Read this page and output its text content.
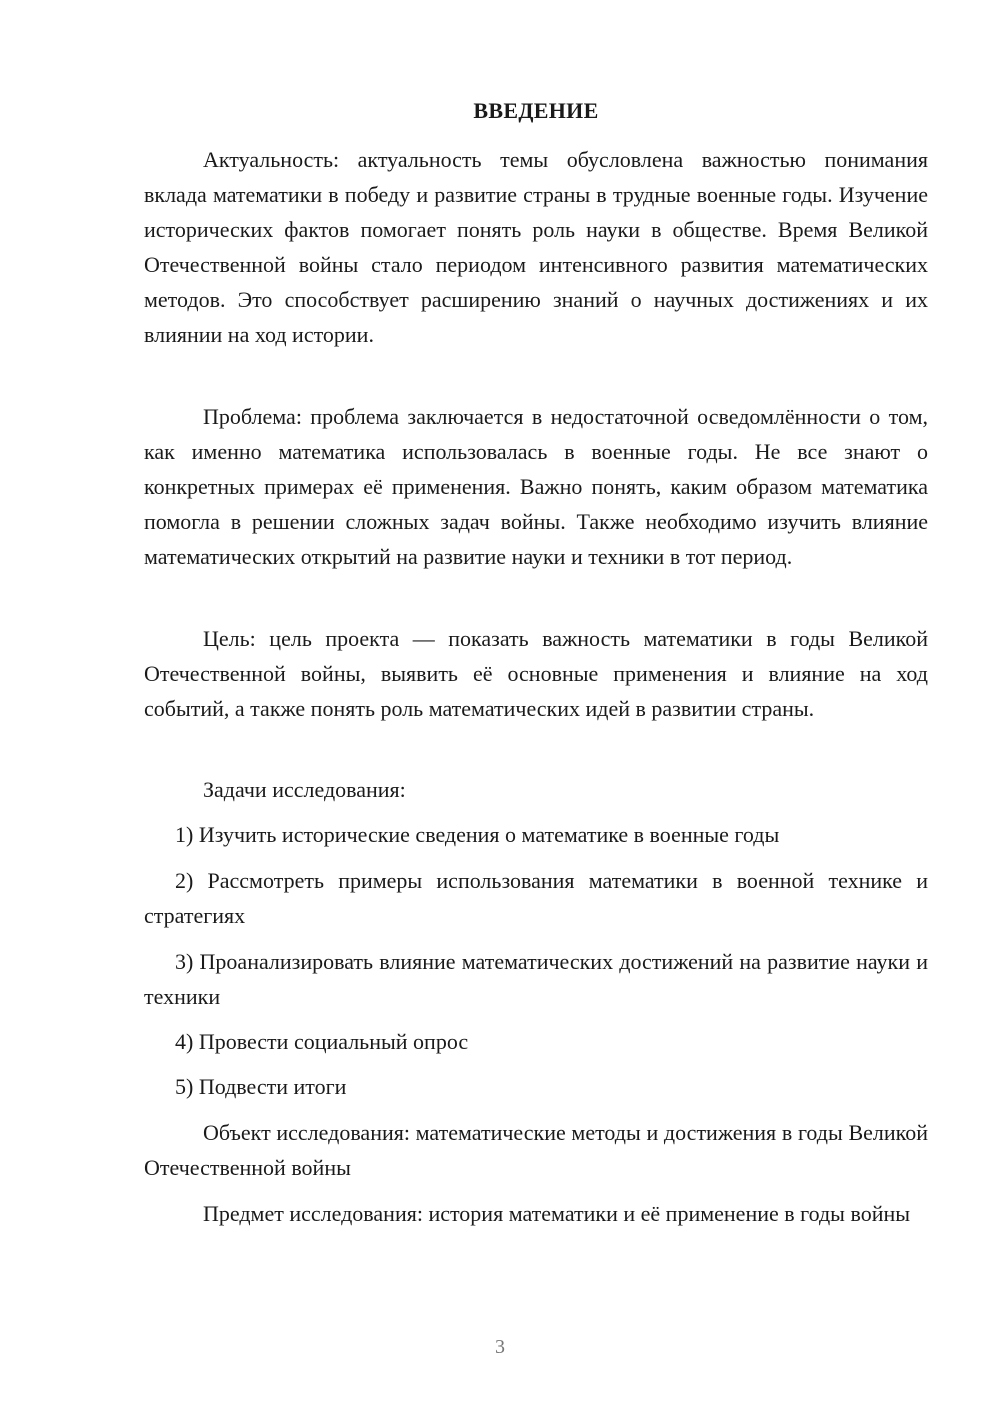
ВВЕДЕНИЕ

Актуальность: актуальность темы обусловлена важностью понимания вклада математики в победу и развитие страны в трудные военные годы. Изучение исторических фактов помогает понять роль науки в обществе. Время Великой Отечественной войны стало периодом интенсивного развития математических методов. Это способствует расширению знаний о научных достижениях и их влиянии на ход истории.

Проблема: проблема заключается в недостаточной осведомлённости о том, как именно математика использовалась в военные годы. Не все знают о конкретных примерах её применения. Важно понять, каким образом математика помогла в решении сложных задач войны. Также необходимо изучить влияние математических открытий на развитие науки и техники в тот период.

Цель: цель проекта — показать важность математики в годы Великой Отечественной войны, выявить её основные применения и влияние на ход событий, а также понять роль математических идей в развитии страны.

Задачи исследования:

1) Изучить исторические сведения о математике в военные годы

2) Рассмотреть примеры использования математики в военной технике и стратегиях

3) Проанализировать влияние математических достижений на развитие науки и техники

4) Провести социальный опрос

5) Подвести итоги

Объект исследования: математические методы и достижения в годы Великой Отечественной войны

Предмет исследования: история математики и её применение в годы войны

3
